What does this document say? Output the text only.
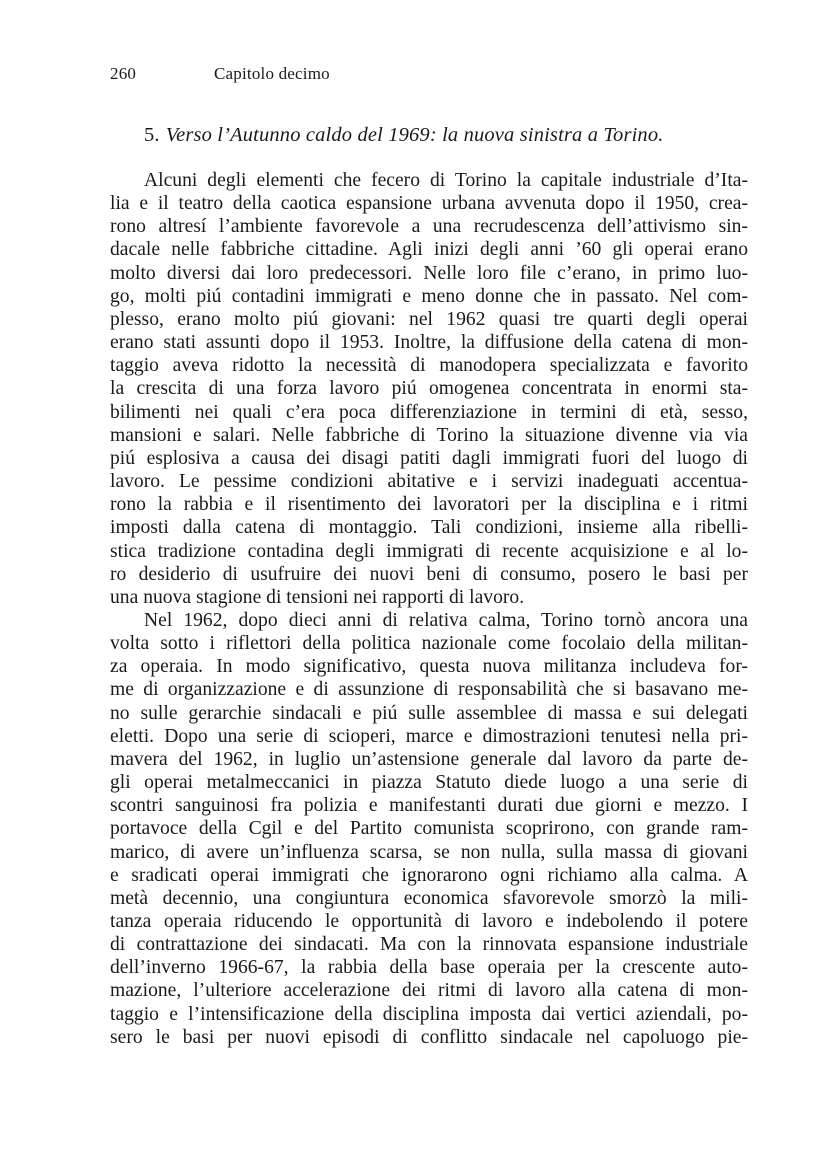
260	Capitolo decimo
5. Verso l’Autunno caldo del 1969: la nuova sinistra a Torino.
Alcuni degli elementi che fecero di Torino la capitale industriale d’Ita-
lia e il teatro della caotica espansione urbana avvenuta dopo il 1950, crea-
rono altresí l’ambiente favorevole a una recrudescenza dell’attivismo sin-
dacale nelle fabbriche cittadine. Agli inizi degli anni ’60 gli operai erano
molto diversi dai loro predecessori. Nelle loro file c’erano, in primo luo-
go, molti piú contadini immigrati e meno donne che in passato. Nel com-
plesso, erano molto piú giovani: nel 1962 quasi tre quarti degli operai
erano stati assunti dopo il 1953. Inoltre, la diffusione della catena di mon-
taggio aveva ridotto la necessità di manodopera specializzata e favorito
la crescita di una forza lavoro piú omogenea concentrata in enormi sta-
bilimenti nei quali c’era poca differenziazione in termini di età, sesso,
mansioni e salari. Nelle fabbriche di Torino la situazione divenne via via
piú esplosiva a causa dei disagi patiti dagli immigrati fuori del luogo di
lavoro. Le pessime condizioni abitative e i servizi inadeguati accentua-
rono la rabbia e il risentimento dei lavoratori per la disciplina e i ritmi
imposti dalla catena di montaggio. Tali condizioni, insieme alla ribelli-
stica tradizione contadina degli immigrati di recente acquisizione e al lo-
ro desiderio di usufruire dei nuovi beni di consumo, posero le basi per
una nuova stagione di tensioni nei rapporti di lavoro.
Nel 1962, dopo dieci anni di relativa calma, Torino tornò ancora una
volta sotto i riflettori della politica nazionale come focolaio della militan-
za operaia. In modo significativo, questa nuova militanza includeva for-
me di organizzazione e di assunzione di responsabilità che si basavano me-
no sulle gerarchie sindacali e piú sulle assemblee di massa e sui delegati
eletti. Dopo una serie di scioperi, marce e dimostrazioni tenutesi nella pri-
mavera del 1962, in luglio un’astensione generale dal lavoro da parte de-
gli operai metalmeccanici in piazza Statuto diede luogo a una serie di
scontri sanguinosi fra polizia e manifestanti durati due giorni e mezzo. I
portavoce della Cgil e del Partito comunista scoprirono, con grande ram-
marico, di avere un’influenza scarsa, se non nulla, sulla massa di giovani
e sradicati operai immigrati che ignorarono ogni richiamo alla calma. A
metà decennio, una congiuntura economica sfavorevole smorzò la mili-
tanza operaia riducendo le opportunità di lavoro e indebolendo il potere
di contrattazione dei sindacati. Ma con la rinnovata espansione industriale
dell’inverno 1966-67, la rabbia della base operaia per la crescente auto-
mazione, l’ulteriore accelerazione dei ritmi di lavoro alla catena di mon-
taggio e l’intensificazione della disciplina imposta dai vertici aziendali, po-
sero le basi per nuovi episodi di conflitto sindacale nel capoluogo pie-
